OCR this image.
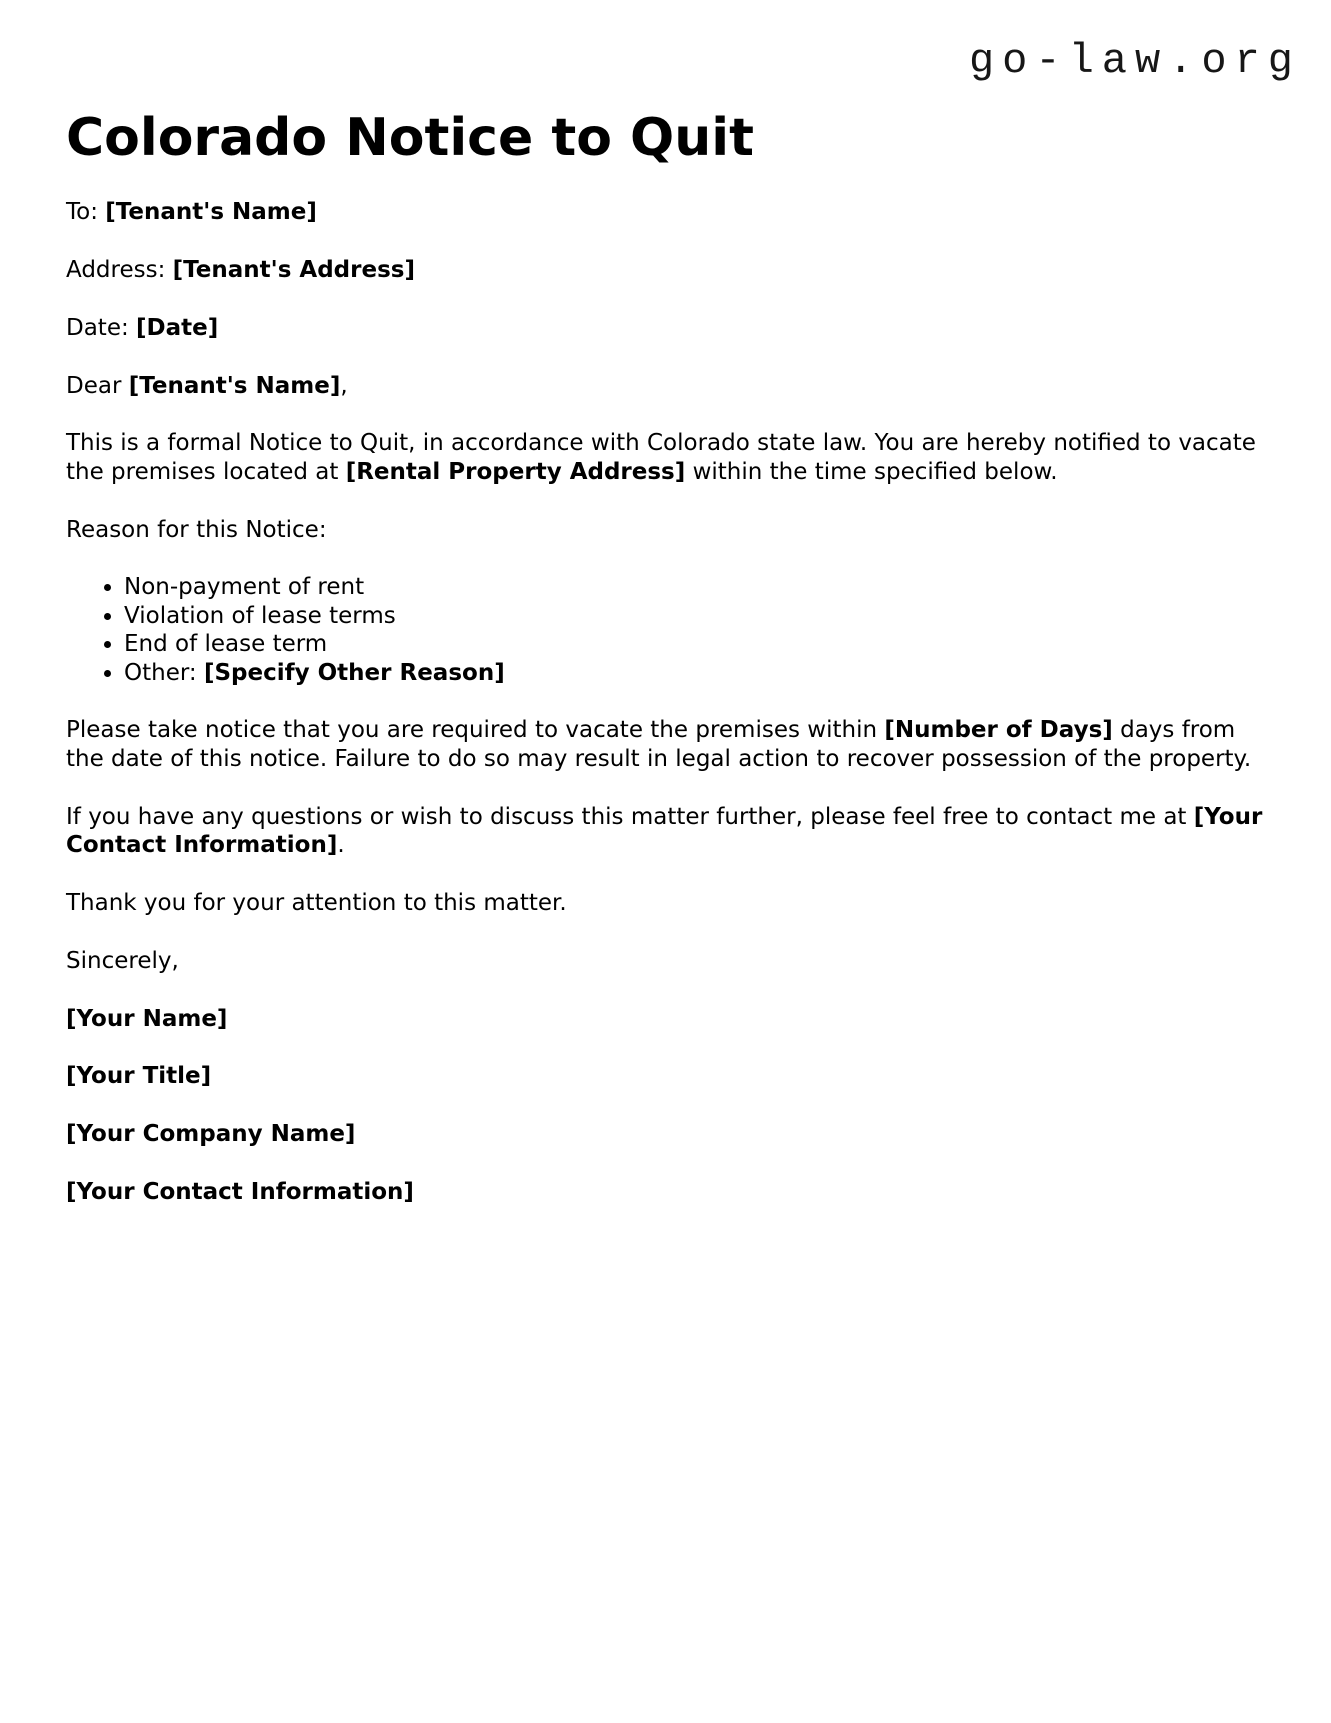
go-law.org
Colorado Notice to Quit

To: [Tenant's Name]

Address: [Tenant's Address]

Date: [Date]

Dear [Tenant's Name],

This is a formal Notice to Quit, in accordance with Colorado state law. You are hereby notified to vacate the premises located at [Rental Property Address] within the time specified below.

Reason for this Notice:

• Non-payment of rent
• Violation of lease terms
• End of lease term
• Other: [Specify Other Reason]

Please take notice that you are required to vacate the premises within [Number of Days] days from the date of this notice. Failure to do so may result in legal action to recover possession of the property.

If you have any questions or wish to discuss this matter further, please feel free to contact me at [Your Contact Information].

Thank you for your attention to this matter.

Sincerely,

[Your Name]

[Your Title]

[Your Company Name]

[Your Contact Information]
